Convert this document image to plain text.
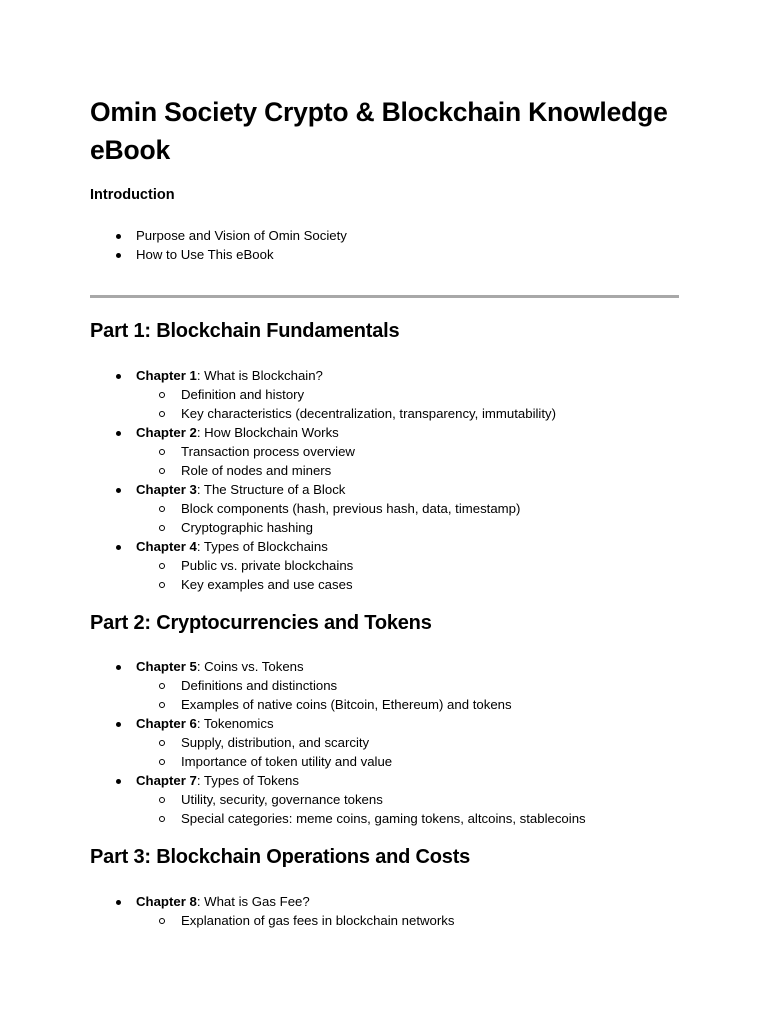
Omin Society Crypto & Blockchain Knowledge eBook
Introduction
Purpose and Vision of Omin Society
How to Use This eBook
Part 1: Blockchain Fundamentals
Chapter 1: What is Blockchain?
Definition and history
Key characteristics (decentralization, transparency, immutability)
Chapter 2: How Blockchain Works
Transaction process overview
Role of nodes and miners
Chapter 3: The Structure of a Block
Block components (hash, previous hash, data, timestamp)
Cryptographic hashing
Chapter 4: Types of Blockchains
Public vs. private blockchains
Key examples and use cases
Part 2: Cryptocurrencies and Tokens
Chapter 5: Coins vs. Tokens
Definitions and distinctions
Examples of native coins (Bitcoin, Ethereum) and tokens
Chapter 6: Tokenomics
Supply, distribution, and scarcity
Importance of token utility and value
Chapter 7: Types of Tokens
Utility, security, governance tokens
Special categories: meme coins, gaming tokens, altcoins, stablecoins
Part 3: Blockchain Operations and Costs
Chapter 8: What is Gas Fee?
Explanation of gas fees in blockchain networks
